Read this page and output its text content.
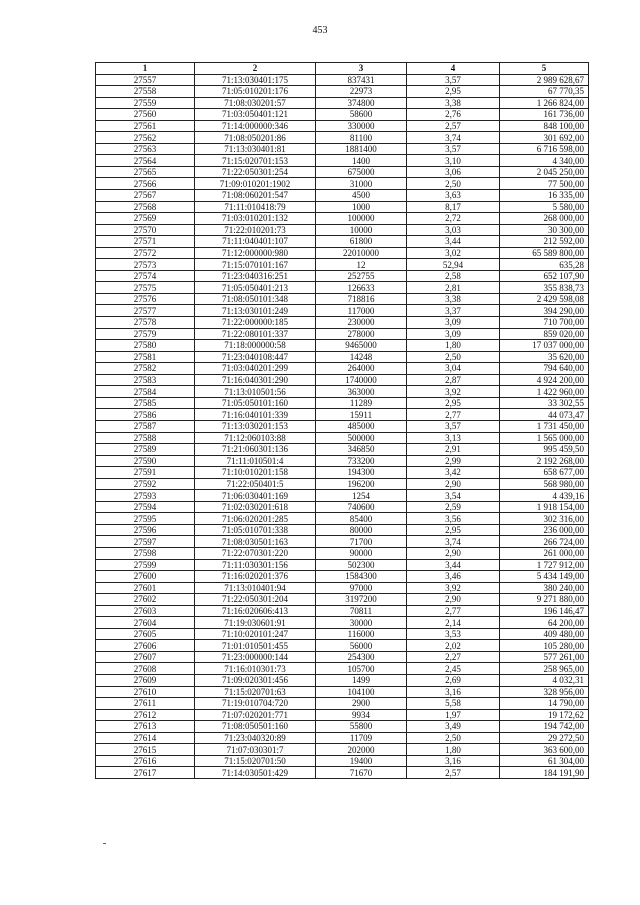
453
1	2	3	4	5
27557	71:13:030401:175	837431	3,57	2 989 628,67
27558	71:05:010201:176	22973	2,95	67 770,35
27559	71:08:030201:57	374800	3,38	1 266 824,00
27560	71:03:050401:121	58600	2,76	161 736,00
27561	71:14:000000:346	330000	2,57	848 100,00
27562	71:08:050201:86	81100	3,74	301 692,00
27563	71:13:030401:81	1881400	3,57	6 716 598,00
27564	71:15:020701:153	1400	3,10	4 340,00
27565	71:22:050301:254	675000	3,06	2 045 250,00
27566	71:09:010201:1902	31000	2,50	77 500,00
27567	71:08:060201:547	4500	3,63	16 335,00
27568	71:11:010418:79	1000	8,17	5 580,00
27569	71:03:010201:132	100000	2,72	268 000,00
27570	71:22:010201:73	10000	3,03	30 300,00
27571	71:11:040401:107	61800	3,44	212 592,00
27572	71:12:000000:980	22010000	3,02	65 589 800,00
27573	71:15:070101:167	12	52,94	635,28
27574	71:23:040316:251	252755	2,58	652 107,90
27575	71:05:050401:213	126633	2,81	355 838,73
27576	71:08:050101:348	718816	3,38	2 429 598,08
27577	71:13:030101:249	117000	3,37	394 290,00
27578	71:22:000000:185	230000	3,09	710 700,00
27579	71:22:080101:337	278000	3,09	859 020,00
27580	71:18:000000:58	9465000	1,80	17 037 000,00
27581	71:23:040108:447	14248	2,50	35 620,00
27582	71:03:040201:299	264000	3,04	794 640,00
27583	71:16:040301:290	1740000	2,87	4 924 200,00
27584	71:13:010501:56	363000	3,92	1 422 960,00
27585	71:05:050101:160	11289	2,95	33 302,55
27586	71:16:040101:339	15911	2,77	44 073,47
27587	71:13:030201:153	485000	3,57	1 731 450,00
27588	71:12:060103:88	500000	3,13	1 565 000,00
27589	71:21:060301:136	346850	2,91	995 459,50
27590	71:11:010501:4	733200	2,99	2 192 268,00
27591	71:10:010201:158	194300	3,42	658 677,00
27592	71:22:050401:5	196200	2,90	568 980,00
27593	71:06:030401:169	1254	3,54	4 439,16
27594	71:02:030201:618	740600	2,59	1 918 154,00
27595	71:06:020201:285	85400	3,56	302 316,00
27596	71:05:010701:338	80000	2,95	236 000,00
27597	71:08:030501:163	71700	3,74	266 724,00
27598	71:22:070301:220	90000	2,90	261 000,00
27599	71:11:030301:156	502300	3,44	1 727 912,00
27600	71:16:020201:376	1584300	3,46	5 434 149,00
27601	71:13:010401:94	97000	3,92	380 240,00
27602	71:22:050301:204	3197200	2,90	9 271 880,00
27603	71:16:020606:413	70811	2,77	196 146,47
27604	71:19:030601:91	30000	2,14	64 200,00
27605	71:10:020101:247	116000	3,53	409 480,00
27606	71:01:010501:455	56000	2,02	105 280,00
27607	71:23:000000:144	254300	2,27	577 261,00
27608	71:16:010301:73	105700	2,45	258 965,00
27609	71:09:020301:456	1499	2,69	4 032,31
27610	71:15:020701:63	104100	3,16	328 956,00
27611	71:19:010704:720	2900	5,58	14 790,00
27612	71:07:020201:771	9934	1,97	19 172,62
27613	71:08:050501:160	55800	3,49	194 742,00
27614	71:23:040320:89	11709	2,50	29 272,50
27615	71:07:030301:7	202000	1,80	363 600,00
27616	71:15:020701:50	19400	3,16	61 304,00
27617	71:14:030501:429	71670	2,57	184 191,90
